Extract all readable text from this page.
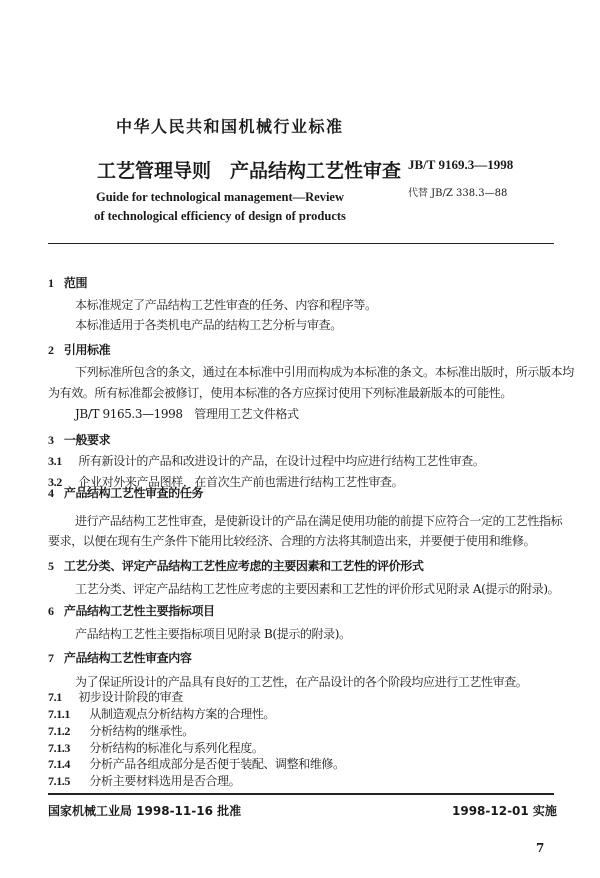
中华人民共和国机械行业标准
工艺管理导则　产品结构工艺性审查 JB/T 9169.3—1998
代替 JB/Z 338.3—88
Guide for technological management—Review
of technological efficiency of design of products
1 范围
本标准规定了产品结构工艺性审查的任务、内容和程序等。
本标准适用于各类机电产品的结构工艺分析与审查。
2 引用标准
下列标准所包含的条文，通过在本标准中引用而构成为本标准的条文。本标准出版时，所示版本均
为有效。所有标准都会被修订，使用本标准的各方应探讨使用下列标准最新版本的可能性。
JB/T 9165.3—1998　管理用工艺文件格式
3 一般要求
3.1 所有新设计的产品和改进设计的产品，在设计过程中均应进行结构工艺性审查。
3.2 企业对外来产品图样，在首次生产前也需进行结构工艺性审查。
4 产品结构工艺性审查的任务
进行产品结构工艺性审查，是使新设计的产品在满足使用功能的前提下应符合一定的工艺性指标
要求，以便在现有生产条件下能用比较经济、合理的方法将其制造出来，并要便于使用和维修。
5 工艺分类、评定产品结构工艺性应考虑的主要因素和工艺性的评价形式
工艺分类、评定产品结构工艺性应考虑的主要因素和工艺性的评价形式见附录 A(提示的附录)。
6 产品结构工艺性主要指标项目
产品结构工艺性主要指标项目见附录 B(提示的附录)。
7 产品结构工艺性审查内容
为了保证所设计的产品具有良好的工艺性，在产品设计的各个阶段均应进行工艺性审查。
7.1 初步设计阶段的审查
7.1.1 从制造观点分析结构方案的合理性。
7.1.2 分析结构的继承性。
7.1.3 分析结构的标准化与系列化程度。
7.1.4 分析产品各组成部分是否便于装配、调整和维修。
7.1.5 分析主要材料选用是否合理。
国家机械工业局 1998-11-16 批准	1998-12-01 实施
7
